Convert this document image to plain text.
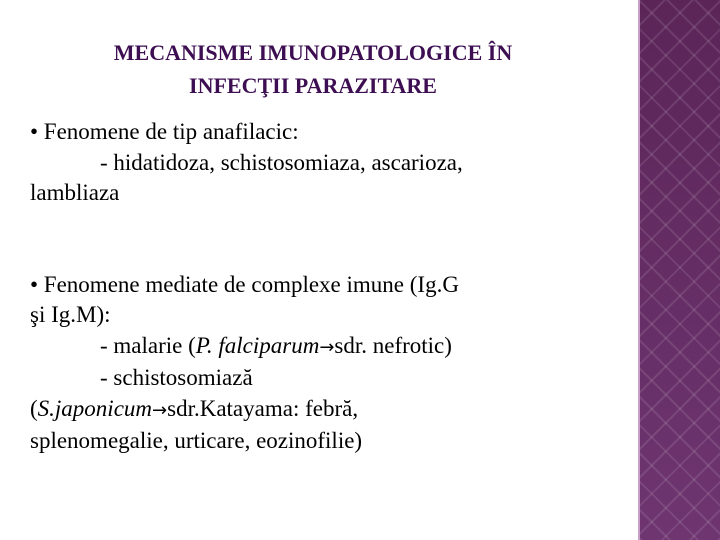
MECANISME IMUNOPATOLOGICE ÎN
INFECŢII PARAZITARE
• Fenomene de tip anafilacic:
- hidatidoza, schistosomiaza, ascarioza,
lambliaza
• Fenomene mediate de complexe imune (Ig.G
şi Ig.M):
- malarie (P. falciparum→sdr. nefrotic)
- schistosomiază
(S.japonicum→sdr.Katayama: febră,
splenomegalie, urticare, eozinofilie)
